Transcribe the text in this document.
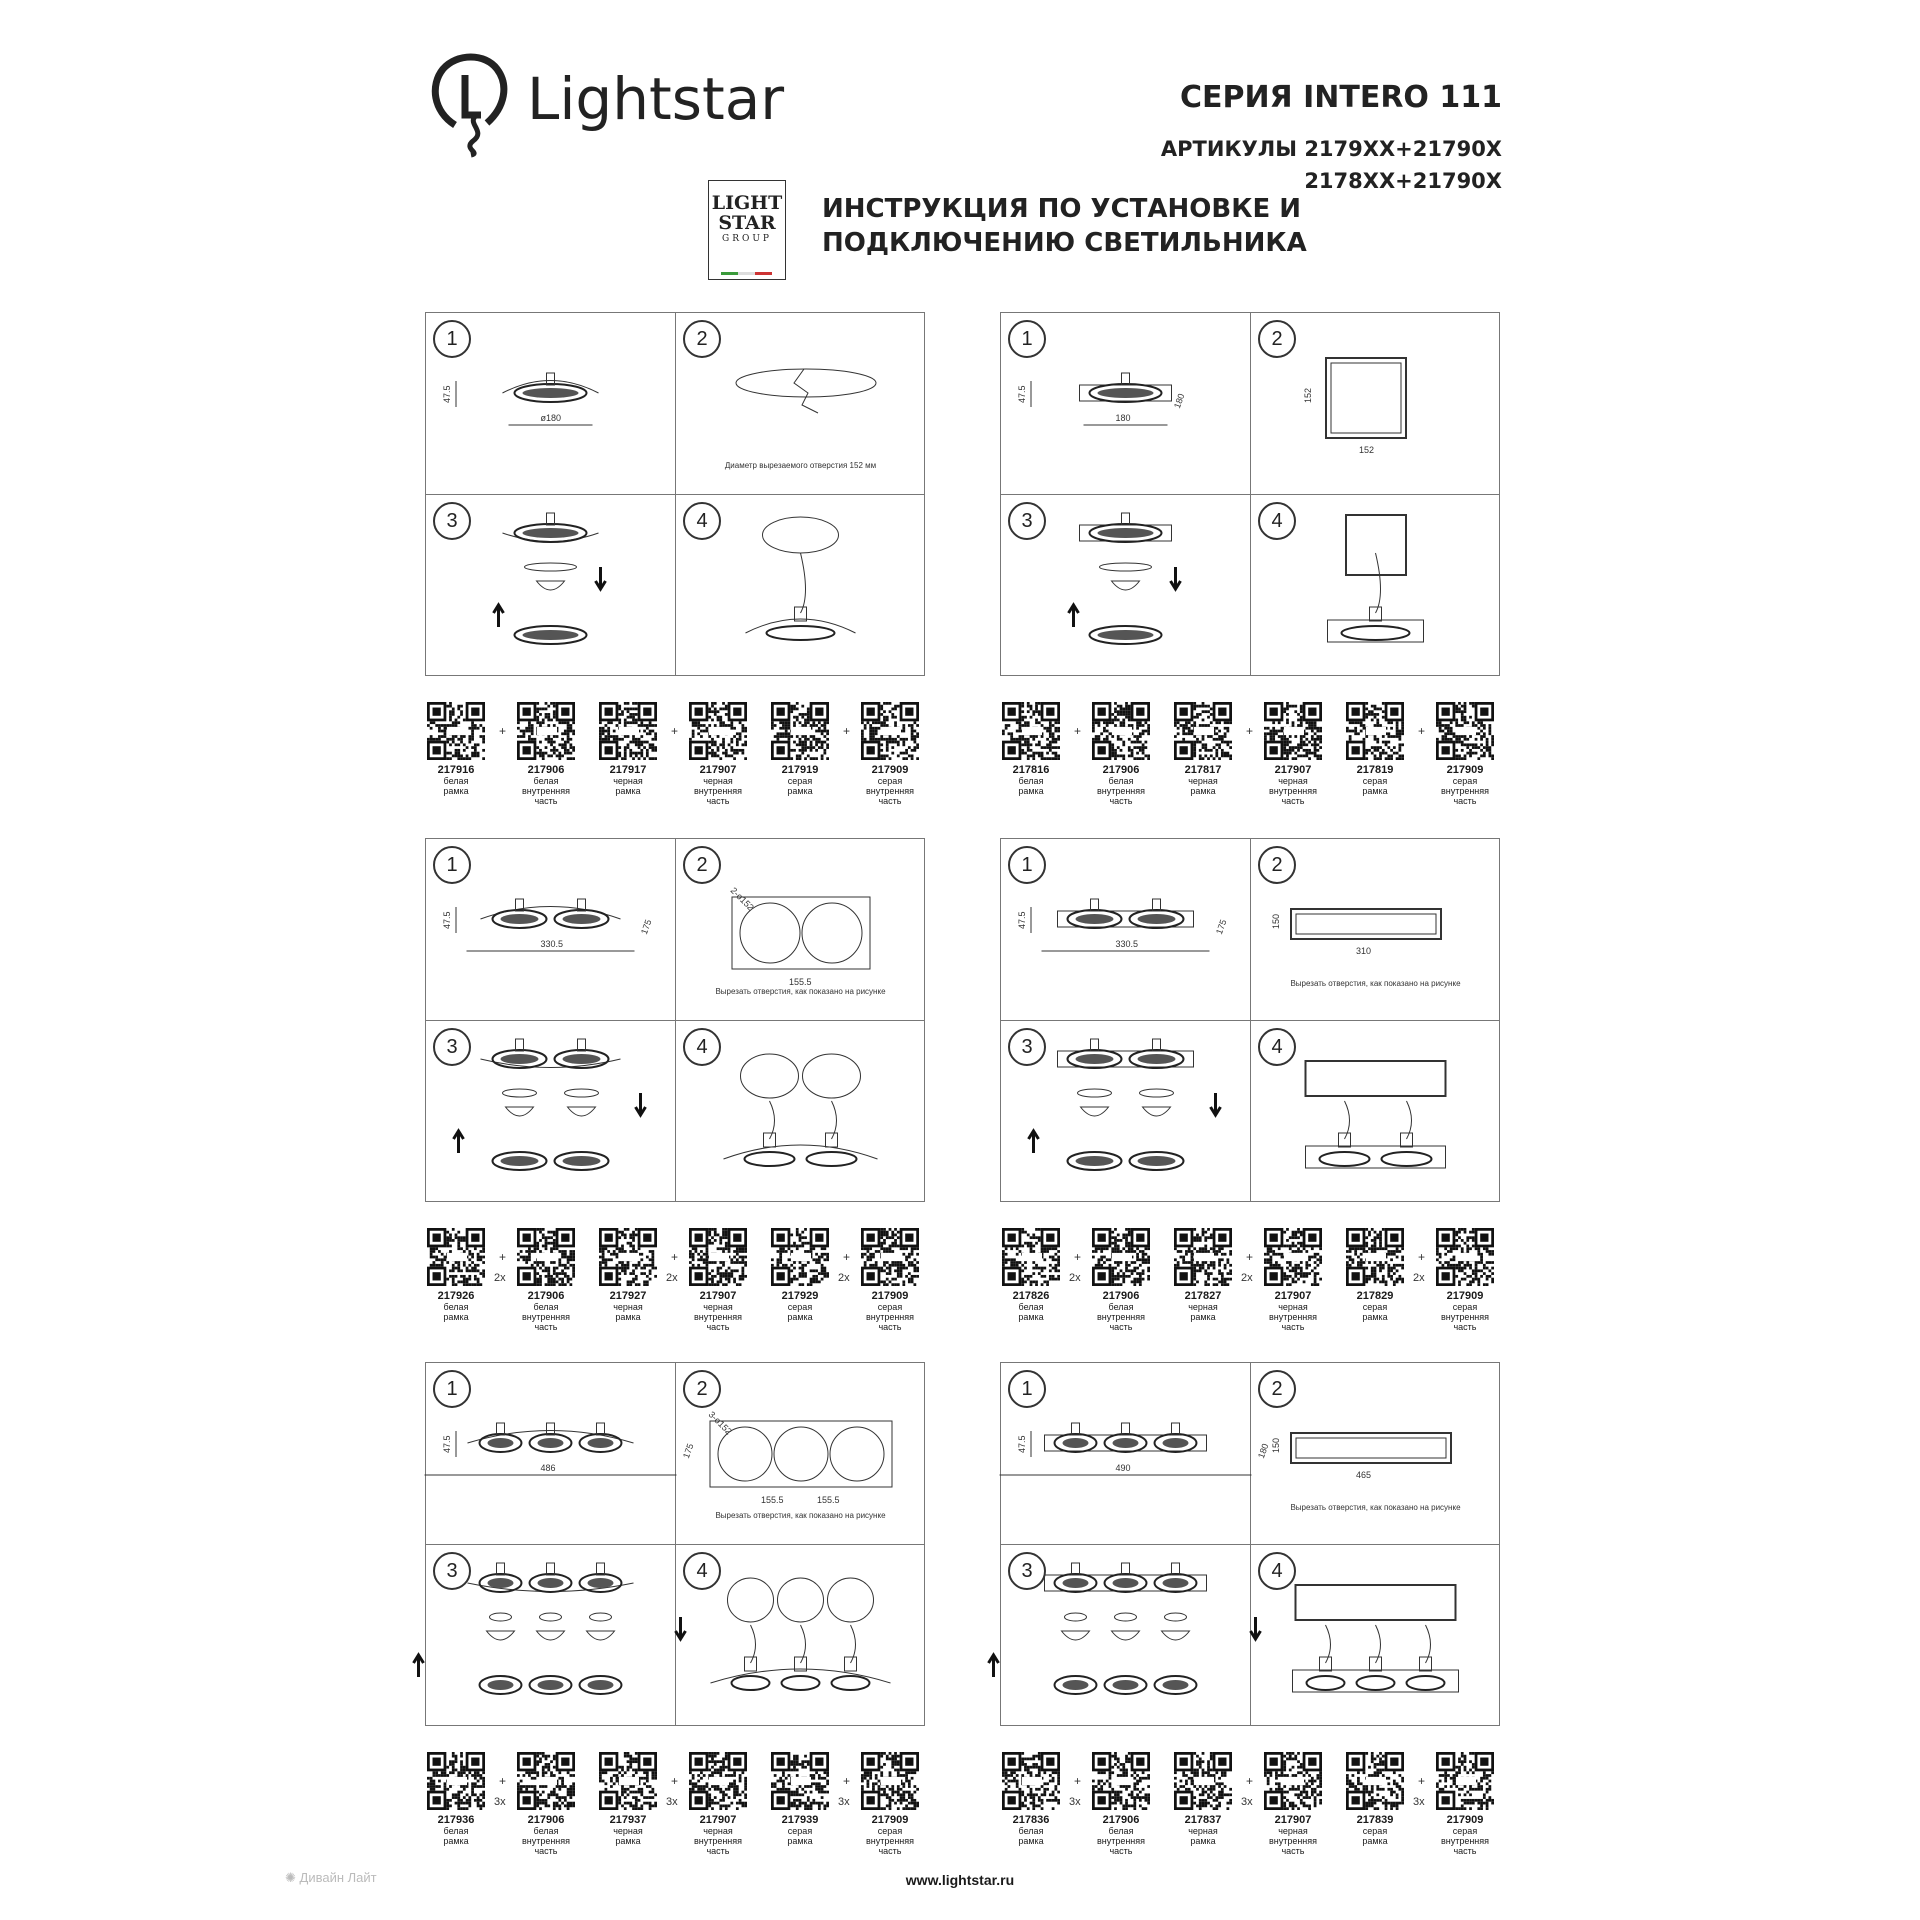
Lightstar	СЕРИЯ INTERO 111
АРТИКУЛЫ 2179XX+21790X
2178XX+21790X
LIGHT
STAR
GROUP
ИНСТРУКЦИЯ ПО УСТАНОВКЕ И
ПОДКЛЮЧЕНИЮ СВЕТИЛЬНИКА
47.5
ø180
1	2
Диаметр вырезаемого отверстия 152 мм
3	4
217916
белая
рамка
217906
белая внутренняя
часть
217917
черная
рамка
217907
черная внутренняя
часть
217919
серая
рамка
217909
серая внутренняя
часть
+	+	+
47.5
180
180
1
152
152
2
3	4
217816
белая
рамка
217906
белая внутренняя
часть
217817
черная
рамка
217907
черная внутренняя
часть
217819
серая
рамка
217909
серая внутренняя
часть
+	+	+
47.5
330.5
175
1
2-ø152
155.5
2
Вырезать отверстия, как показано на рисунке
3	4
217926
белая
рамка
217906
белая внутренняя
часть
217927
черная
рамка
217907
черная внутренняя
часть
217929
серая
рамка
217909
серая внутренняя
часть
+
2x
+
2x
+
2x
47.5
330.5
175
1
150
310
2
Вырезать отверстия, как показано на рисунке
3	4
217826
белая
рамка
217906
белая внутренняя
часть
217827
черная
рамка
217907
черная внутренняя
часть
217829
серая
рамка
217909
серая внутренняя
часть
+
2x
+
2x
+
2x
47.5
486
175
1
3-ø152
155.5	155.5
2
Вырезать отверстия, как показано на рисунке
3	4
217936
белая
рамка
217906
белая внутренняя
часть
217937
черная
рамка
217907
черная внутренняя
часть
217939
серая
рамка
217909
серая внутренняя
часть
+
3x
+
3x
+
3x
47.5
490
180
1
150
465
2
Вырезать отверстия, как показано на рисунке
3	4
217836
белая
рамка
217906
белая внутренняя
часть
217837
черная
рамка
217907
черная внутренняя
часть
217839
серая
рамка
217909
серая внутренняя
часть
+
3x
+
3x
+
3x
✺ Дивайн Лайт	www.lightstar.ru
